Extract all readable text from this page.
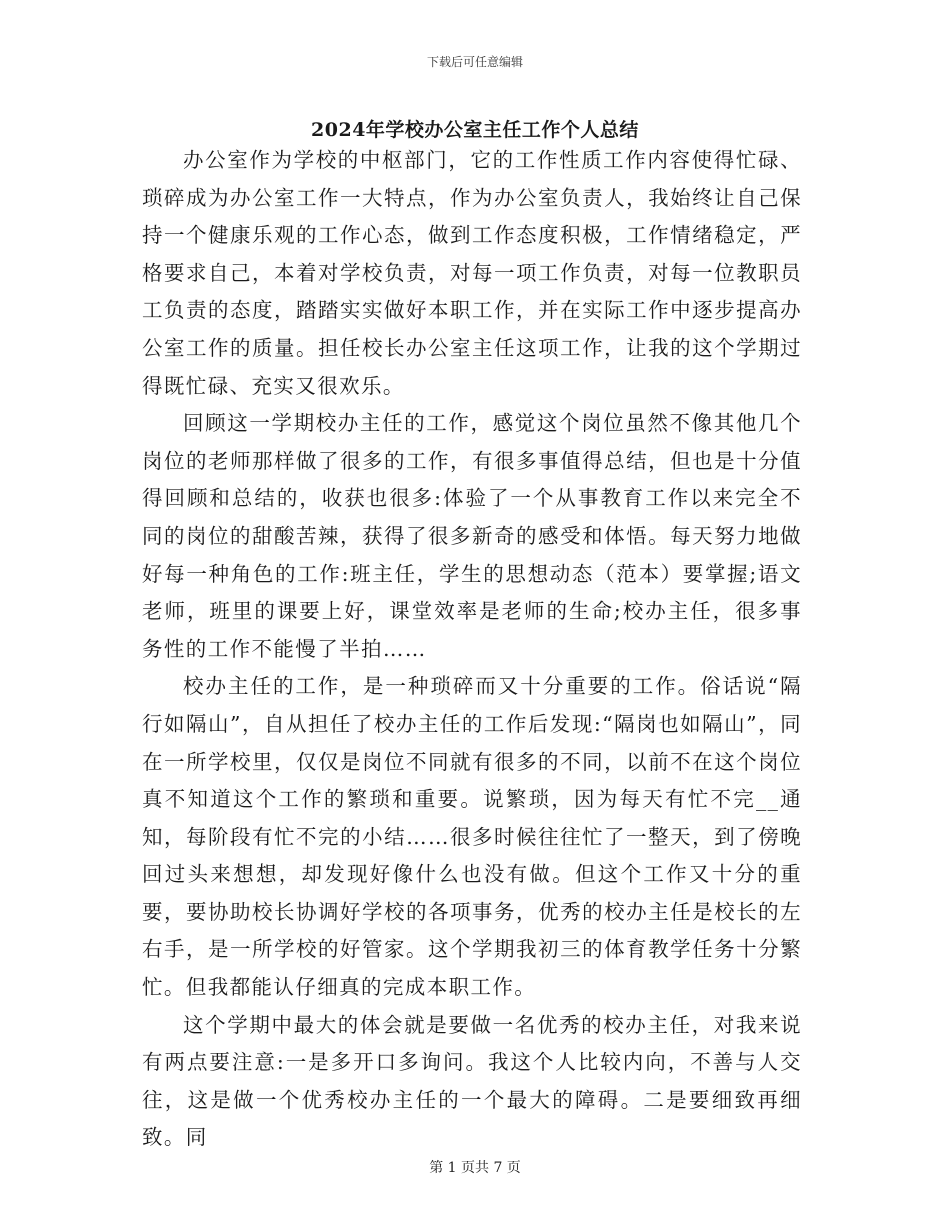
下载后可任意编辑
2024年学校办公室主任工作个人总结

办公室作为学校的中枢部门，它的工作性质工作内容使得忙碌、琐碎成为办公室工作一大特点，作为办公室负责人，我始终让自己保持一个健康乐观的工作心态，做到工作态度积极，工作情绪稳定，严格要求自己，本着对学校负责，对每一项工作负责，对每一位教职员工负责的态度，踏踏实实做好本职工作，并在实际工作中逐步提高办公室工作的质量。担任校长办公室主任这项工作，让我的这个学期过得既忙碌、充实又很欢乐。

回顾这一学期校办主任的工作，感觉这个岗位虽然不像其他几个岗位的老师那样做了很多的工作，有很多事值得总结，但也是十分值得回顾和总结的，收获也很多:体验了一个从事教育工作以来完全不同的岗位的甜酸苦辣，获得了很多新奇的感受和体悟。每天努力地做好每一种角色的工作:班主任，学生的思想动态（范本）要掌握;语文老师，班里的课要上好，课堂效率是老师的生命;校办主任，很多事务性的工作不能慢了半拍……

校办主任的工作，是一种琐碎而又十分重要的工作。俗话说“隔行如隔山”，自从担任了校办主任的工作后发现:“隔岗也如隔山”，同在一所学校里，仅仅是岗位不同就有很多的不同，以前不在这个岗位真不知道这个工作的繁琐和重要。说繁琐，因为每天有忙不完__通知，每阶段有忙不完的小结……很多时候往往忙了一整天，到了傍晚回过头来想想，却发现好像什么也没有做。但这个工作又十分的重要，要协助校长协调好学校的各项事务，优秀的校办主任是校长的左右手，是一所学校的好管家。这个学期我初三的体育教学任务十分繁忙。但我都能认仔细真的完成本职工作。

这个学期中最大的体会就是要做一名优秀的校办主任，对我来说有两点要注意:一是多开口多询问。我这个人比较内向，不善与人交往，这是做一个优秀校办主任的一个最大的障碍。二是要细致再细致。同

第 1 页共 7 页
